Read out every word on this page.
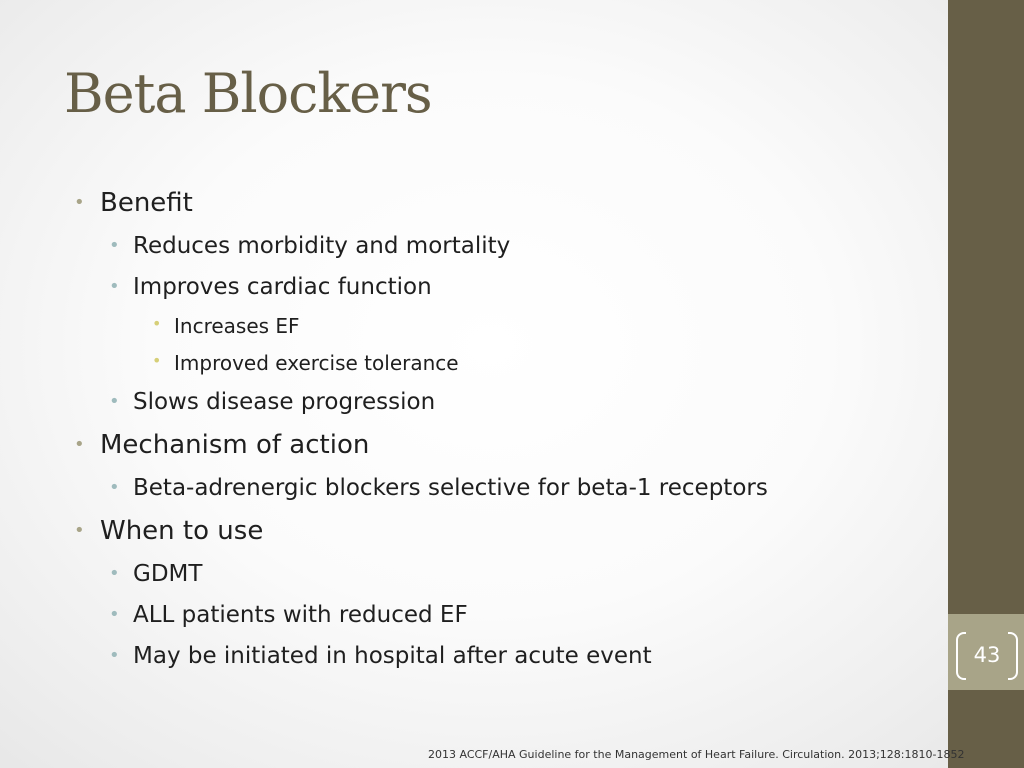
43
Beta Blockers

• Benefit

• Reduces morbidity and mortality

• Improves cardiac function

• Increases EF

• Improved exercise tolerance

• Slows disease progression

• Mechanism of action

• Beta-adrenergic blockers selective for beta-1 receptors

• When to use

• GDMT

• ALL patients with reduced EF

• May be initiated in hospital after acute event

2013 ACCF/AHA Guideline for the Management of Heart Failure. Circulation. 2013;128:1810-1852
